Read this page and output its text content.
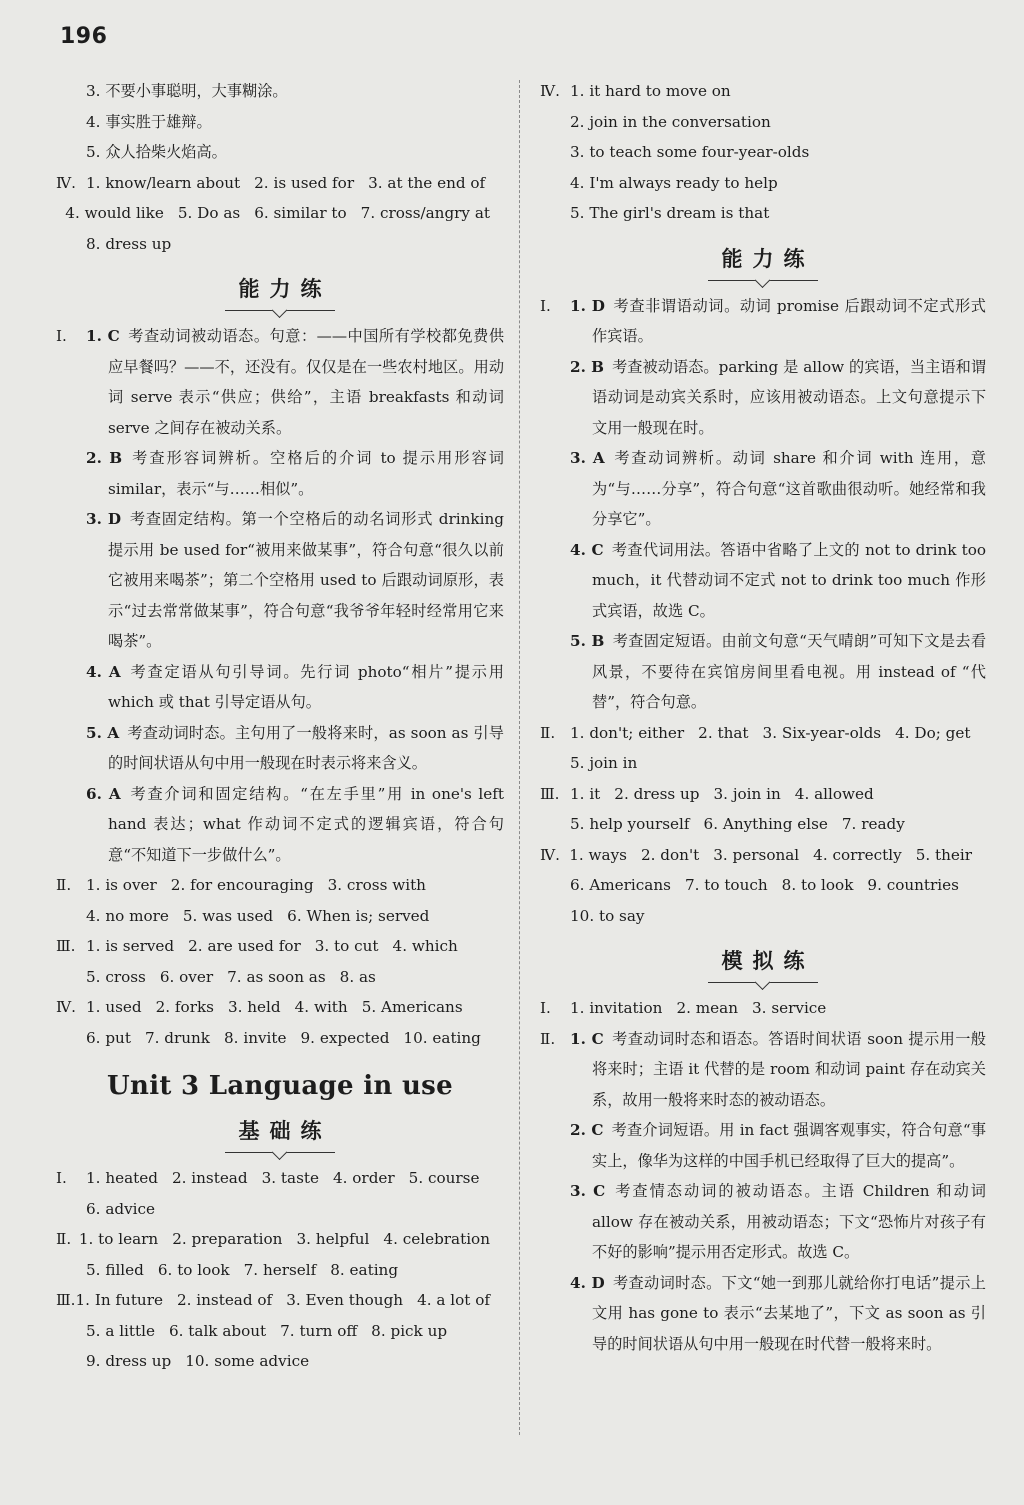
196
3. 不要小事聪明，大事糊涂。
4. 事实胜于雄辩。
5. 众人拾柴火焰高。
Ⅳ. 1. know/learn about 2. is used for 3. at the end of
4. would like 5. Do as 6. similar to 7. cross/angry at
8. dress up
能力练
Ⅰ.	1. C 考查动词被动语态。句意：——中国所有学校都免费供应早餐吗？——不，还没有。仅仅是在一些农村地区。用动词 serve 表示“供应；供给”，主语 breakfasts 和动词 serve 之间存在被动关系。
2. B 考查形容词辨析。空格后的介词 to 提示用形容词 similar，表示“与……相似”。
3. D 考查固定结构。第一个空格后的动名词形式 drinking 提示用 be used for“被用来做某事”，符合句意“很久以前它被用来喝茶”；第二个空格用 used to 后跟动词原形，表示“过去常常做某事”，符合句意“我爷爷年轻时经常用它来喝茶”。
4. A 考查定语从句引导词。先行词 photo“相片”提示用 which 或 that 引导定语从句。
5. A 考查动词时态。主句用了一般将来时，as soon as 引导的时间状语从句中用一般现在时表示将来含义。
6. A 考查介词和固定结构。“在左手里”用 in one's left hand 表达；what 作动词不定式的逻辑宾语，符合句意“不知道下一步做什么”。
Ⅱ. 1. is over 2. for encouraging 3. cross with
4. no more 5. was used 6. When is; served
Ⅲ. 1. is served 2. are used for 3. to cut 4. which
5. cross 6. over 7. as soon as 8. as
Ⅳ. 1. used 2. forks 3. held 4. with 5. Americans
6. put 7. drunk 8. invite 9. expected 10. eating
Unit 3 Language in use
基础练
Ⅰ.	1. heated 2. instead 3. taste 4. order 5. course
6. advice
Ⅱ. 1. to learn 2. preparation 3. helpful 4. celebration
5. filled 6. to look 7. herself 8. eating
Ⅲ. 1. In future 2. instead of 3. Even though 4. a lot of
5. a little 6. talk about 7. turn off 8. pick up
9. dress up 10. some advice
Ⅳ. 1. it hard to move on
2. join in the conversation
3. to teach some four-year-olds
4. I'm always ready to help
5. The girl's dream is that
能力练
Ⅰ.	1. D 考查非谓语动词。动词 promise 后跟动词不定式形式作宾语。
2. B 考查被动语态。parking 是 allow 的宾语，当主语和谓语动词是动宾关系时，应该用被动语态。上文句意提示下文用一般现在时。
3. A 考查动词辨析。动词 share 和介词 with 连用，意为“与……分享”，符合句意“这首歌曲很动听。她经常和我分享它”。
4. C 考查代词用法。答语中省略了上文的 not to drink too much，it 代替动词不定式 not to drink too much 作形式宾语，故选 C。
5. B 考查固定短语。由前文句意“天气晴朗”可知下文是去看风景，不要待在宾馆房间里看电视。用 instead of “代替”，符合句意。
Ⅱ. 1. don't; either 2. that 3. Six-year-olds 4. Do; get
5. join in
Ⅲ. 1. it 2. dress up 3. join in 4. allowed
5. help yourself 6. Anything else 7. ready
Ⅳ. 1. ways 2. don't 3. personal 4. correctly 5. their
6. Americans 7. to touch 8. to look 9. countries
10. to say
模拟练
Ⅰ.	1. invitation 2. mean 3. service
Ⅱ. 1. C 考查动词时态和语态。答语时间状语 soon 提示用一般将来时；主语 it 代替的是 room 和动词 paint 存在动宾关系，故用一般将来时态的被动语态。
2. C 考查介词短语。用 in fact 强调客观事实，符合句意“事实上，像华为这样的中国手机已经取得了巨大的提高”。
3. C 考查情态动词的被动语态。主语 Children 和动词 allow 存在被动关系，用被动语态；下文“恐怖片对孩子有不好的影响”提示用否定形式。故选 C。
4. D 考查动词时态。下文“她一到那儿就给你打电话”提示上文用 has gone to 表示“去某地了”，下文 as soon as 引导的时间状语从句中用一般现在时代替一般将来时。
